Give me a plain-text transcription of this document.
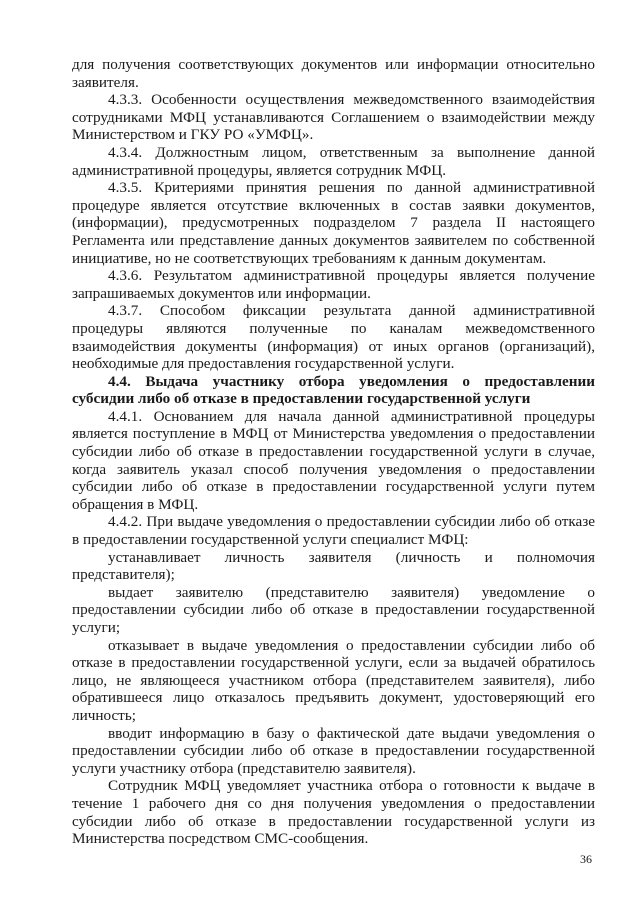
для получения соответствующих документов или информации относительно заявителя.

4.3.3. Особенности осуществления межведомственного взаимодействия сотрудниками МФЦ устанавливаются Соглашением о взаимодействии между Министерством и ГКУ РО «УМФЦ».

4.3.4. Должностным лицом, ответственным за выполнение данной административной процедуры, является сотрудник МФЦ.

4.3.5. Критериями принятия решения по данной административной процедуре является отсутствие включенных в состав заявки документов, (информации), предусмотренных подразделом 7 раздела II настоящего Регламента или представление данных документов заявителем по собственной инициативе, но не соответствующих требованиям к данным документам.

4.3.6. Результатом административной процедуры является получение запрашиваемых документов или информации.

4.3.7. Способом фиксации результата данной административной процедуры являются полученные по каналам межведомственного взаимодействия документы (информация) от иных органов (организаций), необходимые для предоставления государственной услуги.

4.4. Выдача участнику отбора уведомления о предоставлении субсидии либо об отказе в предоставлении государственной услуги

4.4.1. Основанием для начала данной административной процедуры является поступление в МФЦ от Министерства уведомления о предоставлении субсидии либо об отказе в предоставлении государственной услуги в случае, когда заявитель указал способ получения уведомления о предоставлении субсидии либо об отказе в предоставлении государственной услуги путем обращения в МФЦ.

4.4.2. При выдаче уведомления о предоставлении субсидии либо об отказе в предоставлении государственной услуги специалист МФЦ:

устанавливает личность заявителя (личность и полномочия представителя);

выдает заявителю (представителю заявителя) уведомление о предоставлении субсидии либо об отказе в предоставлении государственной услуги;

отказывает в выдаче уведомления о предоставлении субсидии либо об отказе в предоставлении государственной услуги, если за выдачей обратилось лицо, не являющееся участником отбора (представителем заявителя), либо обратившееся лицо отказалось предъявить документ, удостоверяющий его личность;

вводит информацию в базу о фактической дате выдачи уведомления о предоставлении субсидии либо об отказе в предоставлении государственной услуги участнику отбора (представителю заявителя).

Сотрудник МФЦ уведомляет участника отбора о готовности к выдаче в течение 1 рабочего дня со дня получения уведомления о предоставлении субсидии либо об отказе в предоставлении государственной услуги из Министерства посредством СМС-сообщения.

36
